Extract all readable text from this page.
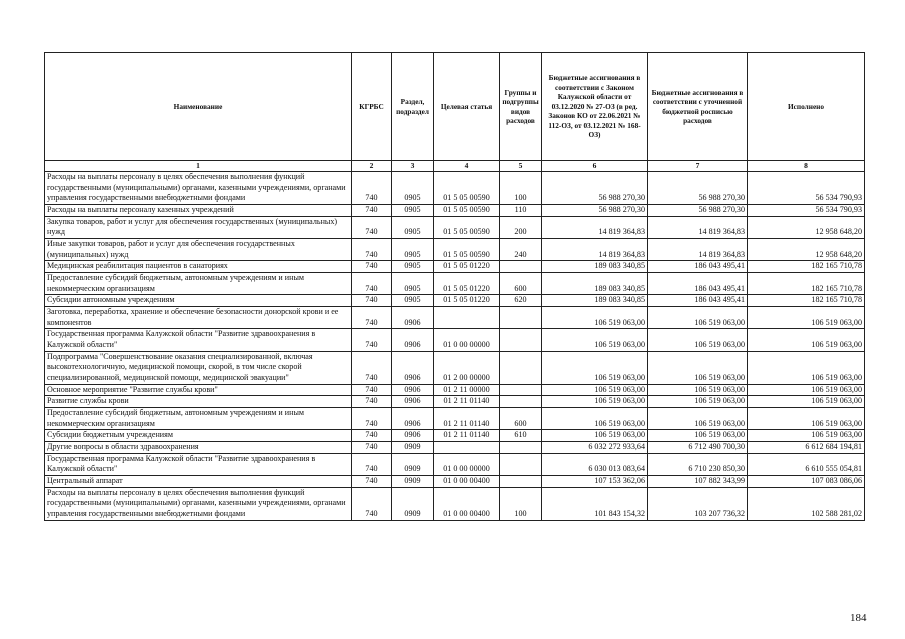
Наименование	КГРБС	Раздел, подраздел	Целевая статья	Группы и подгруппы видов расходов	Бюджетные ассигнования в соответствии с Законом Калужской области от 03.12.2020 № 27-ОЗ (в ред. Законов КО от 22.06.2021 № 112-ОЗ, от 03.12.2021 № 168-ОЗ)	Бюджетные ассигнования в соответствии с уточненной бюджетной росписью расходов	Исполнено
1	2	3	4	5	6	7	8
Расходы на выплаты персоналу в целях обеспечения выполнения функций государственными (муниципальными) органами, казенными учреждениями, органами управления государственными внебюджетными фондами	740	0905	01 5 05 00590	100	56 988 270,30	56 988 270,30	56 534 790,93
Расходы на выплаты персоналу казенных учреждений	740	0905	01 5 05 00590	110	56 988 270,30	56 988 270,30	56 534 790,93
Закупка товаров, работ и услуг для обеспечения государственных (муниципальных) нужд	740	0905	01 5 05 00590	200	14 819 364,83	14 819 364,83	12 958 648,20
Иные закупки товаров, работ и услуг для обеспечения государственных (муниципальных) нужд	740	0905	01 5 05 00590	240	14 819 364,83	14 819 364,83	12 958 648,20
Медицинская реабилитация пациентов в санаториях	740	0905	01 5 05 01220		189 083 340,85	186 043 495,41	182 165 710,78
Предоставление субсидий бюджетным, автономным учреждениям и иным некоммерческим организациям	740	0905	01 5 05 01220	600	189 083 340,85	186 043 495,41	182 165 710,78
Субсидии автономным учреждениям	740	0905	01 5 05 01220	620	189 083 340,85	186 043 495,41	182 165 710,78
Заготовка, переработка, хранение и обеспечение безопасности донорской крови и ее компонентов	740	0906			106 519 063,00	106 519 063,00	106 519 063,00
Государственная программа Калужской области "Развитие здравоохранения в Калужской области"	740	0906	01 0 00 00000		106 519 063,00	106 519 063,00	106 519 063,00
Подпрограмма "Совершенствование оказания специализированной, включая высокотехнологичную, медицинской помощи, скорой, в том числе скорой специализированной, медицинской помощи, медицинской эвакуации"	740	0906	01 2 00 00000		106 519 063,00	106 519 063,00	106 519 063,00
Основное мероприятие "Развитие службы крови"	740	0906	01 2 11 00000		106 519 063,00	106 519 063,00	106 519 063,00
Развитие службы крови	740	0906	01 2 11 01140		106 519 063,00	106 519 063,00	106 519 063,00
Предоставление субсидий бюджетным, автономным учреждениям и иным некоммерческим организациям	740	0906	01 2 11 01140	600	106 519 063,00	106 519 063,00	106 519 063,00
Субсидии бюджетным учреждениям	740	0906	01 2 11 01140	610	106 519 063,00	106 519 063,00	106 519 063,00
Другие вопросы в области здравоохранения	740	0909			6 032 272 933,64	6 712 490 700,30	6 612 684 194,81
Государственная программа Калужской области "Развитие здравоохранения в Калужской области"	740	0909	01 0 00 00000		6 030 013 083,64	6 710 230 850,30	6 610 555 054,81
Центральный аппарат	740	0909	01 0 00 00400		107 153 362,06	107 882 343,99	107 083 086,06
Расходы на выплаты персоналу в целях обеспечения выполнения функций государственными (муниципальными) органами, казенными учреждениями, органами управления государственными внебюджетными фондами	740	0909	01 0 00 00400	100	101 843 154,32	103 207 736,32	102 588 281,02
184
